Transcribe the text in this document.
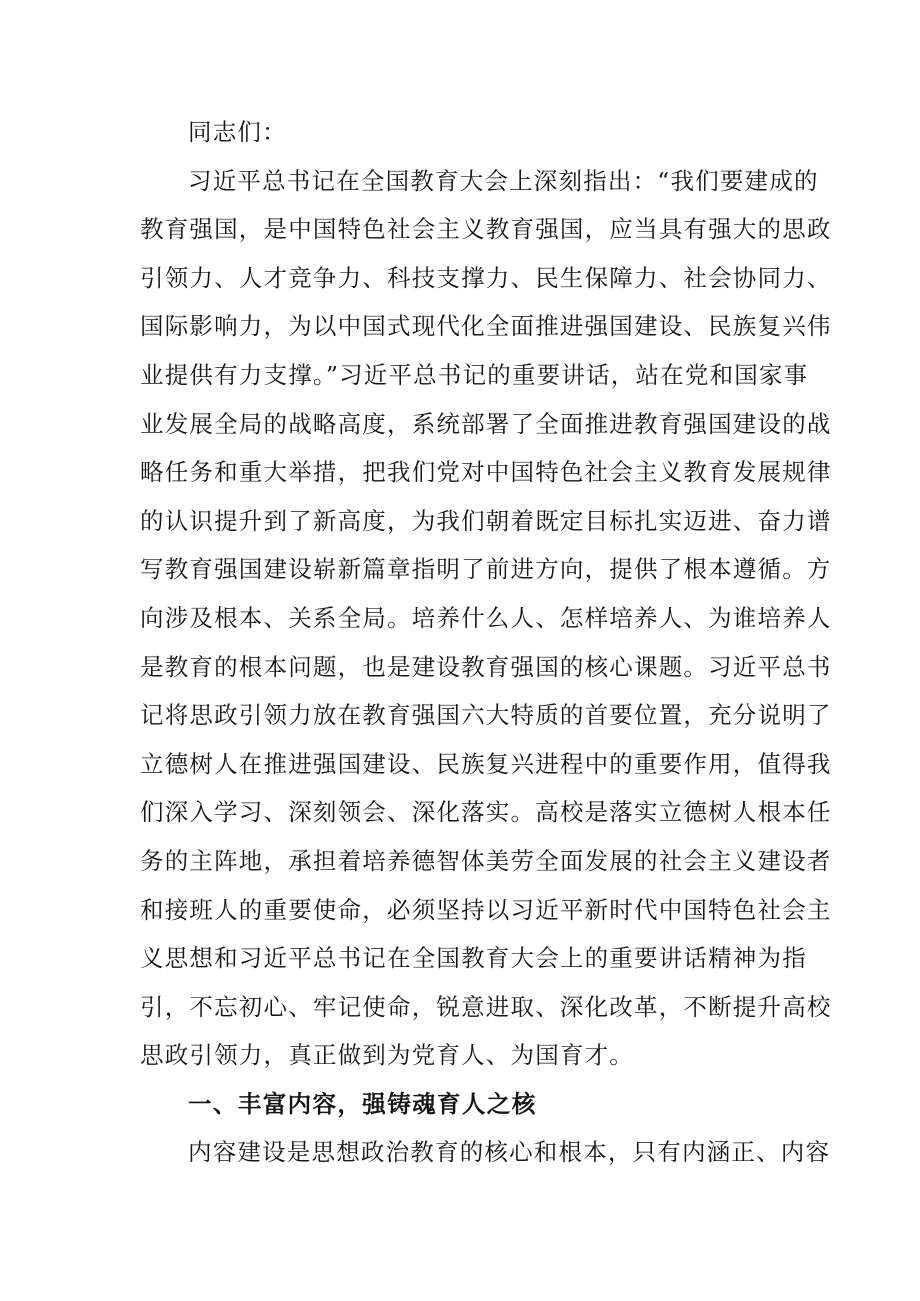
同志们：
习近平总书记在全国教育大会上深刻指出：“我们要建成的
教育强国，是中国特色社会主义教育强国，应当具有强大的思政
引领力、人才竞争力、科技支撑力、民生保障力、社会协同力、
国际影响力，为以中国式现代化全面推进强国建设、民族复兴伟
业提供有力支撑。”习近平总书记的重要讲话，站在党和国家事
业发展全局的战略高度，系统部署了全面推进教育强国建设的战
略任务和重大举措，把我们党对中国特色社会主义教育发展规律
的认识提升到了新高度，为我们朝着既定目标扎实迈进、奋力谱
写教育强国建设崭新篇章指明了前进方向，提供了根本遵循。方
向涉及根本、关系全局。培养什么人、怎样培养人、为谁培养人
是教育的根本问题，也是建设教育强国的核心课题。习近平总书
记将思政引领力放在教育强国六大特质的首要位置，充分说明了
立德树人在推进强国建设、民族复兴进程中的重要作用，值得我
们深入学习、深刻领会、深化落实。高校是落实立德树人根本任
务的主阵地，承担着培养德智体美劳全面发展的社会主义建设者
和接班人的重要使命，必须坚持以习近平新时代中国特色社会主
义思想和习近平总书记在全国教育大会上的重要讲话精神为指
引，不忘初心、牢记使命，锐意进取、深化改革，不断提升高校
思政引领力，真正做到为党育人、为国育才。
一、丰富内容，强铸魂育人之核
内容建设是思想政治教育的核心和根本，只有内涵正、内容
